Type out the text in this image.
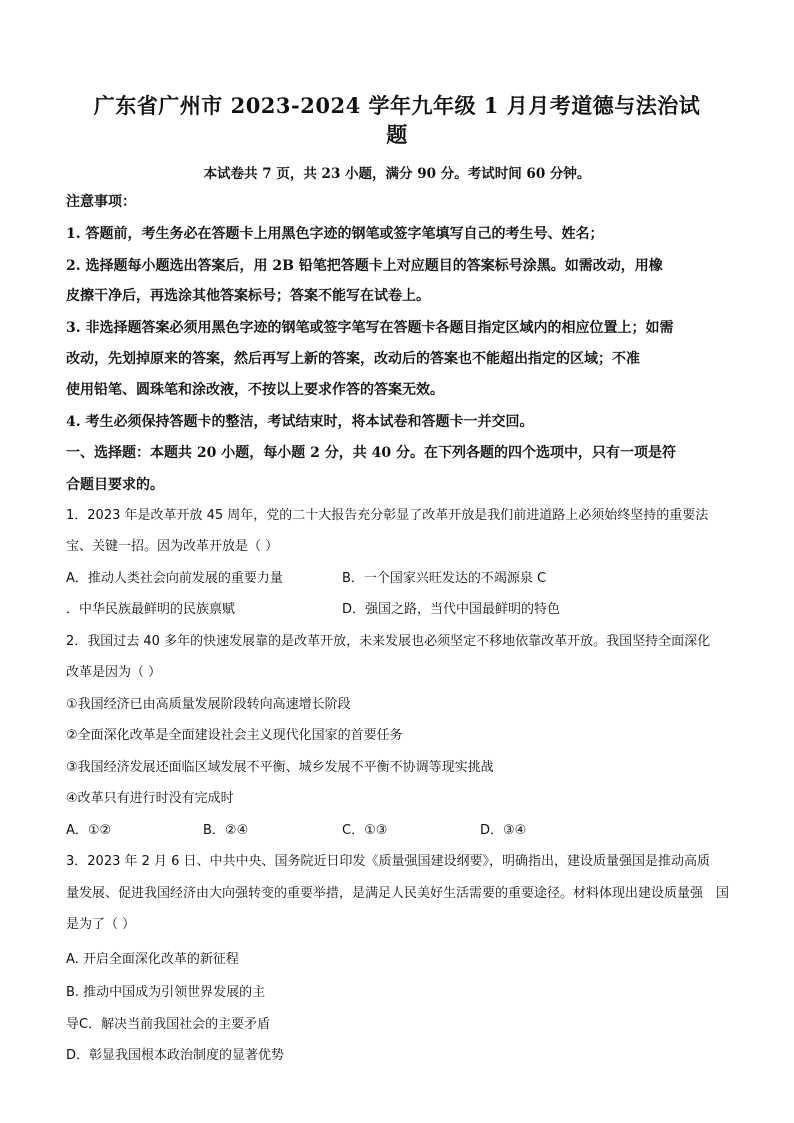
广东省广州市 2023-2024 学年九年级 1 月月考道德与法治试
题
本试卷共 7 页，共 23 小题，满分 90 分。考试时间 60 分钟。
注意事项：
1. 答题前，考生务必在答题卡上用黑色字迹的钢笔或签字笔填写自己的考生号、姓名；
2. 选择题每小题选出答案后，用 2B 铅笔把答题卡上对应题目的答案标号涂黑。如需改动，用橡
皮擦干净后，再选涂其他答案标号；答案不能写在试卷上。
3. 非选择题答案必须用黑色字迹的钢笔或签字笔写在答题卡各题目指定区域内的相应位置上；如需
改动，先划掉原来的答案，然后再写上新的答案，改动后的答案也不能超出指定的区域；不准
使用铅笔、圆珠笔和涂改液，不按以上要求作答的答案无效。
4. 考生必须保持答题卡的整洁，考试结束时，将本试卷和答题卡一并交回。
一、选择题：本题共 20 小题，每小题 2 分，共 40 分。在下列各题的四个选项中，只有一项是符
合题目要求的。
1．2023 年是改革开放 45 周年，党的二十大报告充分彰显了改革开放是我们前进道路上必须始终坚持的重要法
宝、关键一招。因为改革开放是（ ）
A．推动人类社会向前发展的重要力量	B．一个国家兴旺发达的不竭源泉 C
．中华民族最鲜明的民族禀赋	D．强国之路，当代中国最鲜明的特色
2．我国过去 40 多年的快速发展靠的是改革开放，未来发展也必须坚定不移地依靠改革开放。我国坚持全面深化
改革是因为（ ）
①我国经济已由高质量发展阶段转向高速增长阶段
②全面深化改革是全面建设社会主义现代化国家的首要任务
③我国经济发展还面临区域发展不平衡、城乡发展不平衡不协调等现实挑战
④改革只有进行时没有完成时
A．①②	B．②④	C．①③	D．③④
3．2023 年 2 月 6 日、中共中央、国务院近日印发《质量强国建设纲要》，明确指出，建设质量强国是推动高质
量发展、促进我国经济由大向强转变的重要举措，是满足人民美好生活需要的重要途径。材料体现出建设质量强 国
是为了（ ）
A. 开启全面深化改革的新征程
B. 推动中国成为引领世界发展的主
导C．解决当前我国社会的主要矛盾
D．彰显我国根本政治制度的显著优势
